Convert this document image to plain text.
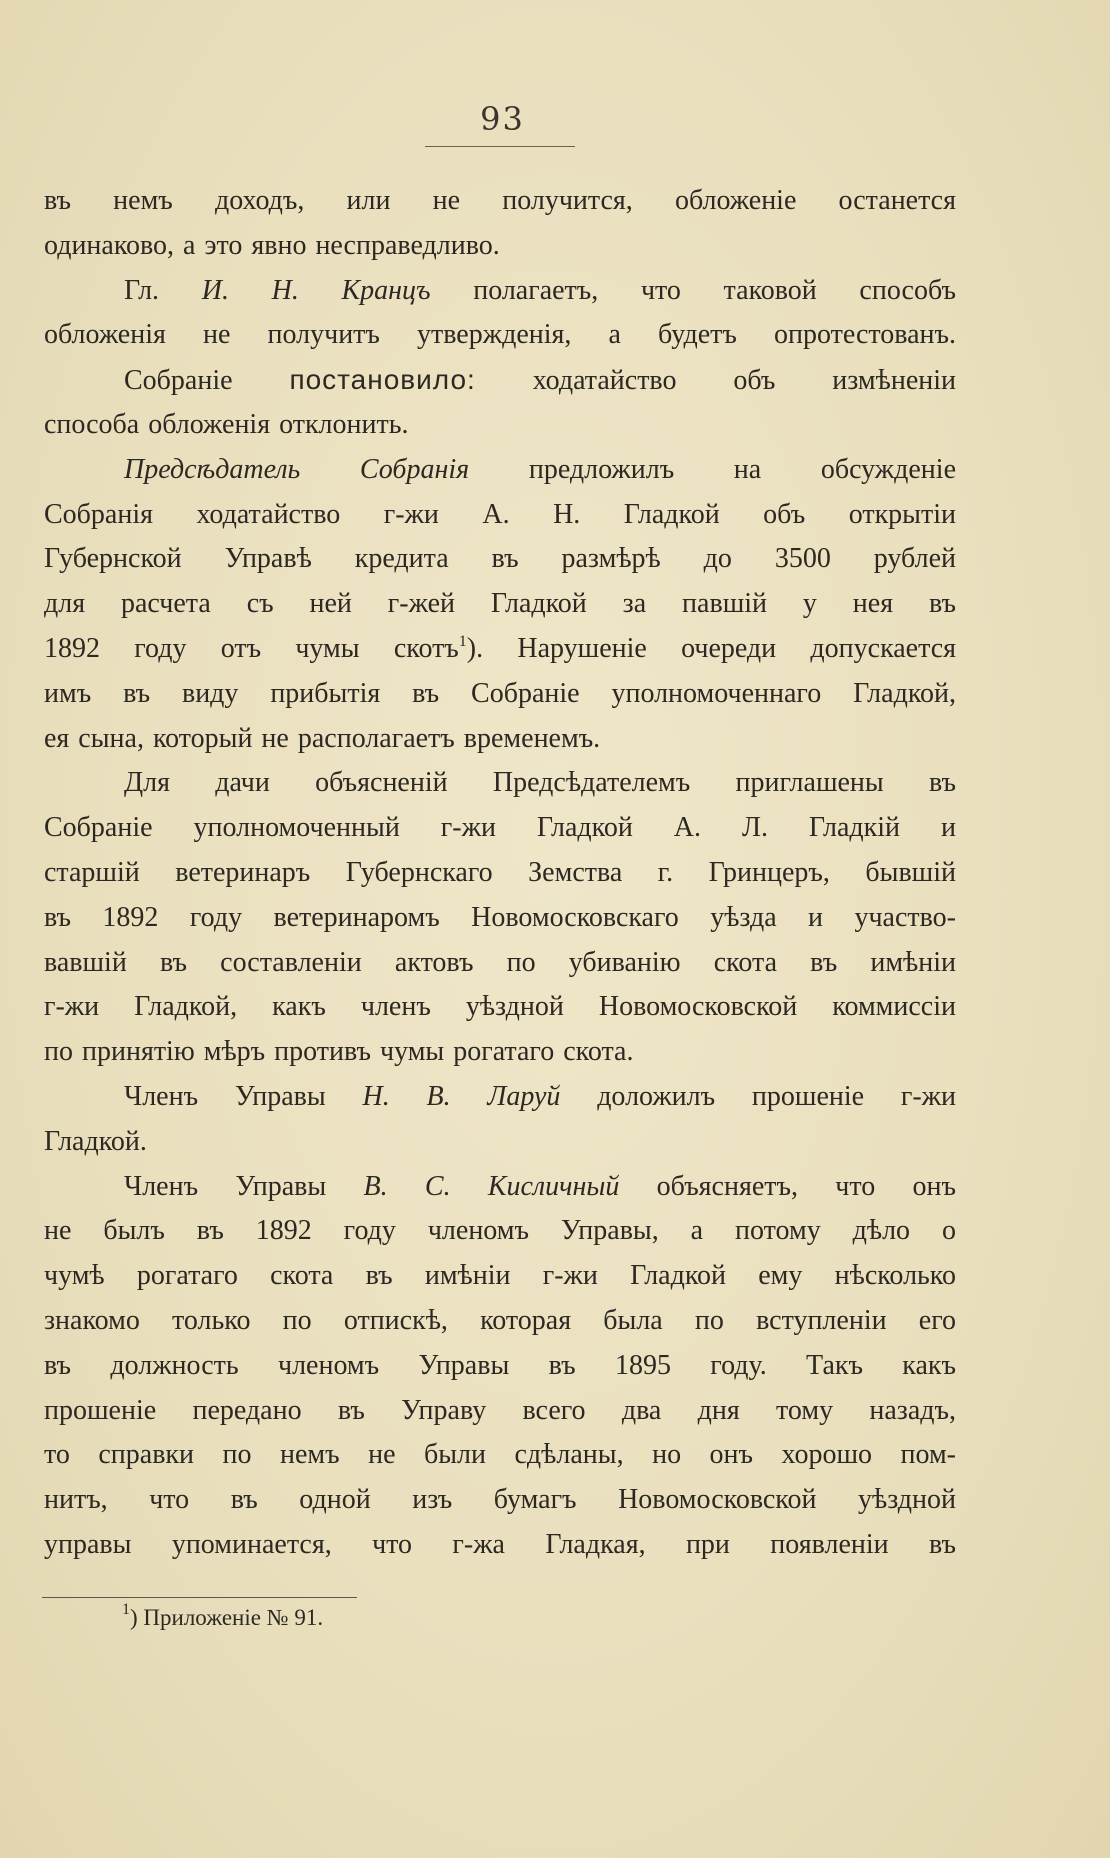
93
въ немъ доходъ, или не получится, обложеніе останется
одинаково, а это явно несправедливо.
Гл. И. Н. Кранцъ полагаетъ, что таковой способъ
обложенія не получитъ утвержденія, а будетъ опротестованъ.
Собраніе постановило: ходатайство объ измѣненіи
способа обложенія отклонить.
Предсѣдатель Собранія предложилъ на обсужденіе
Собранія ходатайство г-жи А. Н. Гладкой объ открытіи
Губернской Управѣ кредита въ размѣрѣ до 3500 рублей
для расчета съ ней г-жей Гладкой за павшій у нея въ
1892 году отъ чумы скотъ$^1$). Нарушеніе очереди допускается
имъ въ виду прибытія въ Собраніе уполномоченнаго Гладкой,
ея сына, который не располагаетъ временемъ.
Для дачи объясненій Предсѣдателемъ приглашены въ
Собраніе уполномоченный г-жи Гладкой А. Л. Гладкій и
старшій ветеринаръ Губернскаго Земства г. Гринцеръ, бывшій
въ 1892 году ветеринаромъ Новомосковскаго уѣзда и участво-
вавшій въ составленіи актовъ по убиванію скота въ имѣніи
г-жи Гладкой, какъ членъ уѣздной Новомосковской коммиссіи
по принятію мѣръ противъ чумы рогатаго скота.
Членъ Управы Н. В. Ларуй доложилъ прошеніе г-жи
Гладкой.
Членъ Управы В. С. Кисличный объясняетъ, что онъ
не былъ въ 1892 году членомъ Управы, а потому дѣло о
чумѣ рогатаго скота въ имѣніи г-жи Гладкой ему нѣсколько
знакомо только по отпискѣ, которая была по вступленіи его
въ должность членомъ Управы въ 1895 году. Такъ какъ
прошеніе передано въ Управу всего два дня тому назадъ,
то справки по немъ не были сдѣланы, но онъ хорошо пом-
нитъ, что въ одной изъ бумагъ Новомосковской уѣздной
управы упоминается, что г-жа Гладкая, при появленіи въ
$^1$) Приложеніе № 91.
